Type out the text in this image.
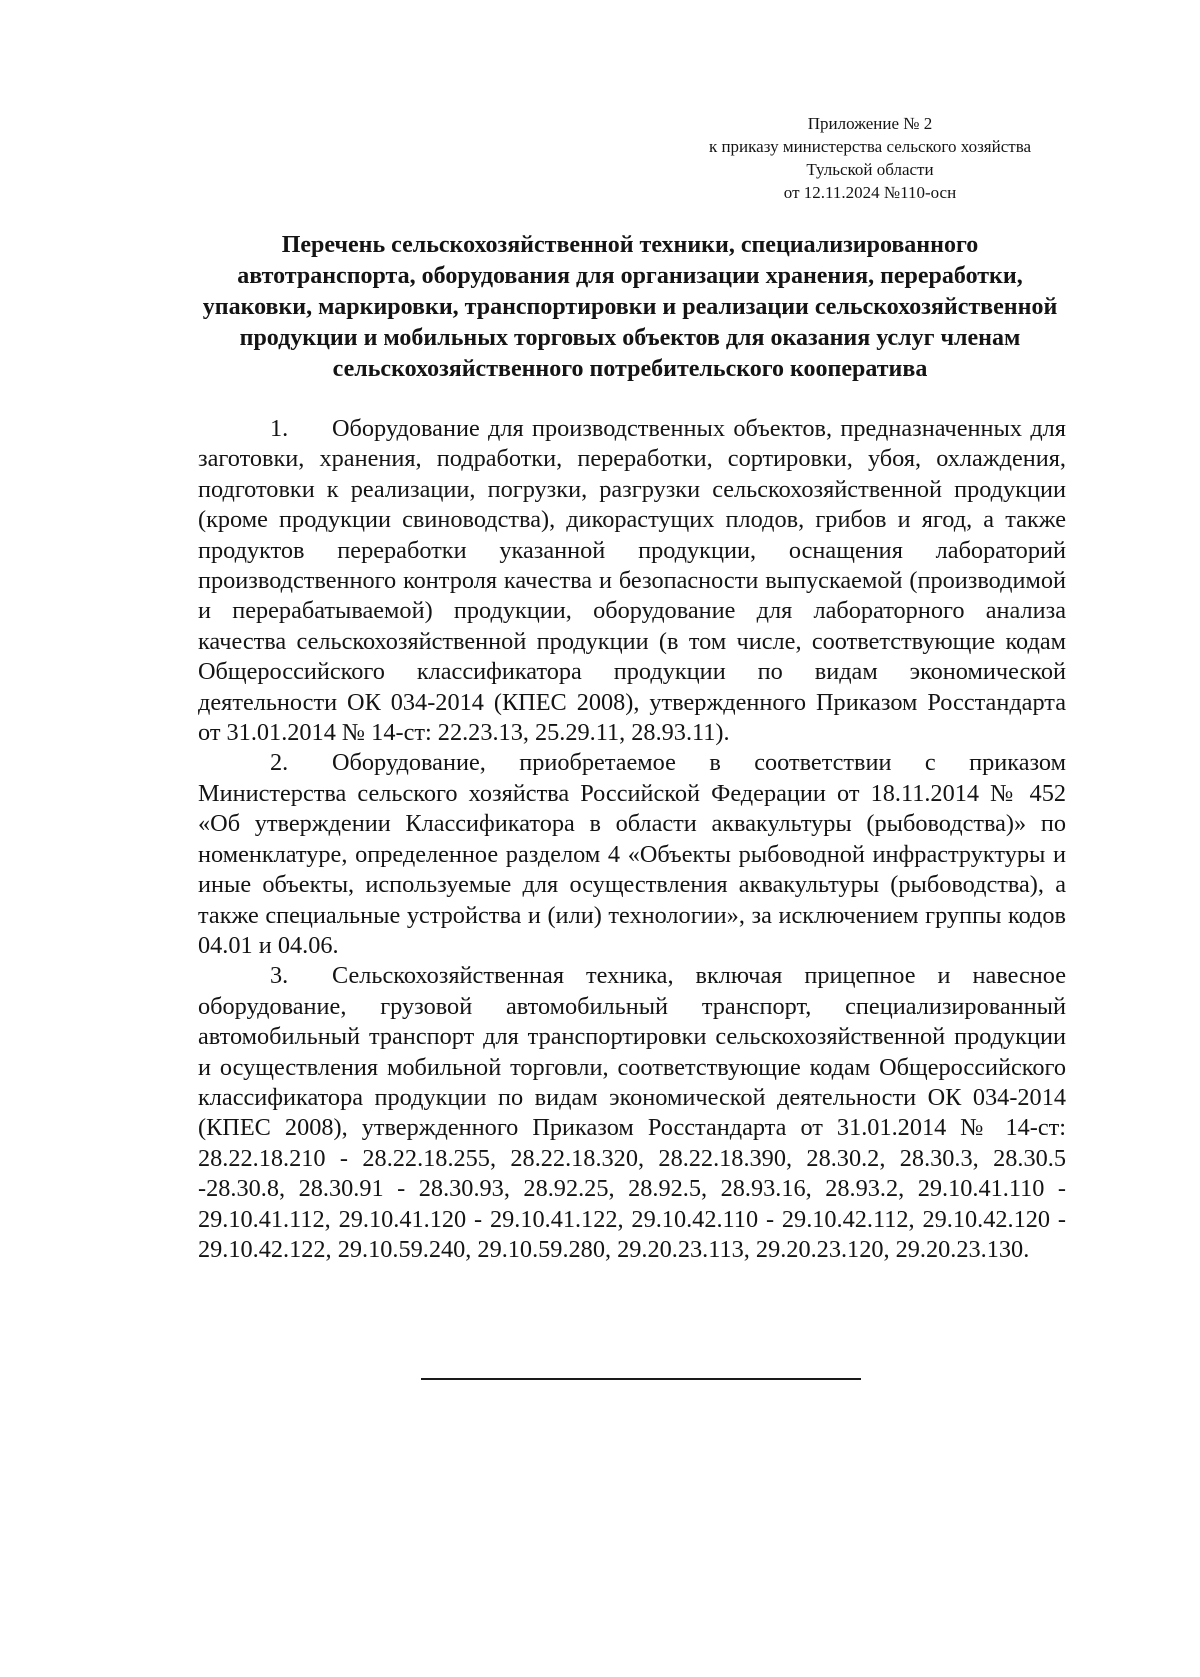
Приложение № 2
к приказу министерства сельского хозяйства
Тульской области
от 12.11.2024 №110-осн
Перечень сельскохозяйственной техники, специализированного автотранспорта, оборудования для организации хранения, переработки, упаковки, маркировки, транспортировки и реализации сельскохозяйственной продукции и мобильных торговых объектов для оказания услуг членам сельскохозяйственного потребительского кооператива

1. Оборудование для производственных объектов, предназначенных для заготовки, хранения, подработки, переработки, сортировки, убоя, охлаждения, подготовки к реализации, погрузки, разгрузки сельскохозяйственной продукции (кроме продукции свиноводства), дикорастущих плодов, грибов и ягод, а также продуктов переработки указанной продукции, оснащения лабораторий производственного контроля качества и безопасности выпускаемой (производимой и перерабатываемой) продукции, оборудование для лабораторного анализа качества сельскохозяйственной продукции (в том числе, соответствующие кодам Общероссийского классификатора продукции по видам экономической деятельности ОК 034-2014 (КПЕС 2008), утвержденного Приказом Росстандарта от 31.01.2014 № 14-ст: 22.23.13, 25.29.11, 28.93.11).

2. Оборудование, приобретаемое в соответствии с приказом Министерства сельского хозяйства Российской Федерации от 18.11.2014 № 452 «Об утверждении Классификатора в области аквакультуры (рыбоводства)» по номенклатуре, определенное разделом 4 «Объекты рыбоводной инфраструктуры и иные объекты, используемые для осуществления аквакультуры (рыбоводства), а также специальные устройства и (или) технологии», за исключением группы кодов 04.01 и 04.06.

3. Сельскохозяйственная техника, включая прицепное и навесное оборудование, грузовой автомобильный транспорт, специализированный автомобильный транспорт для транспортировки сельскохозяйственной продукции и осуществления мобильной торговли, соответствующие кодам Общероссийского классификатора продукции по видам экономической деятельности ОК 034-2014 (КПЕС 2008), утвержденного Приказом Росстандарта от 31.01.2014 № 14-ст: 28.22.18.210 - 28.22.18.255, 28.22.18.320, 28.22.18.390, 28.30.2, 28.30.3, 28.30.5 -28.30.8, 28.30.91 - 28.30.93, 28.92.25, 28.92.5, 28.93.16, 28.93.2, 29.10.41.110 - 29.10.41.112, 29.10.41.120 - 29.10.41.122, 29.10.42.110 - 29.10.42.112, 29.10.42.120 - 29.10.42.122, 29.10.59.240, 29.10.59.280, 29.20.23.113, 29.20.23.120, 29.20.23.130.
